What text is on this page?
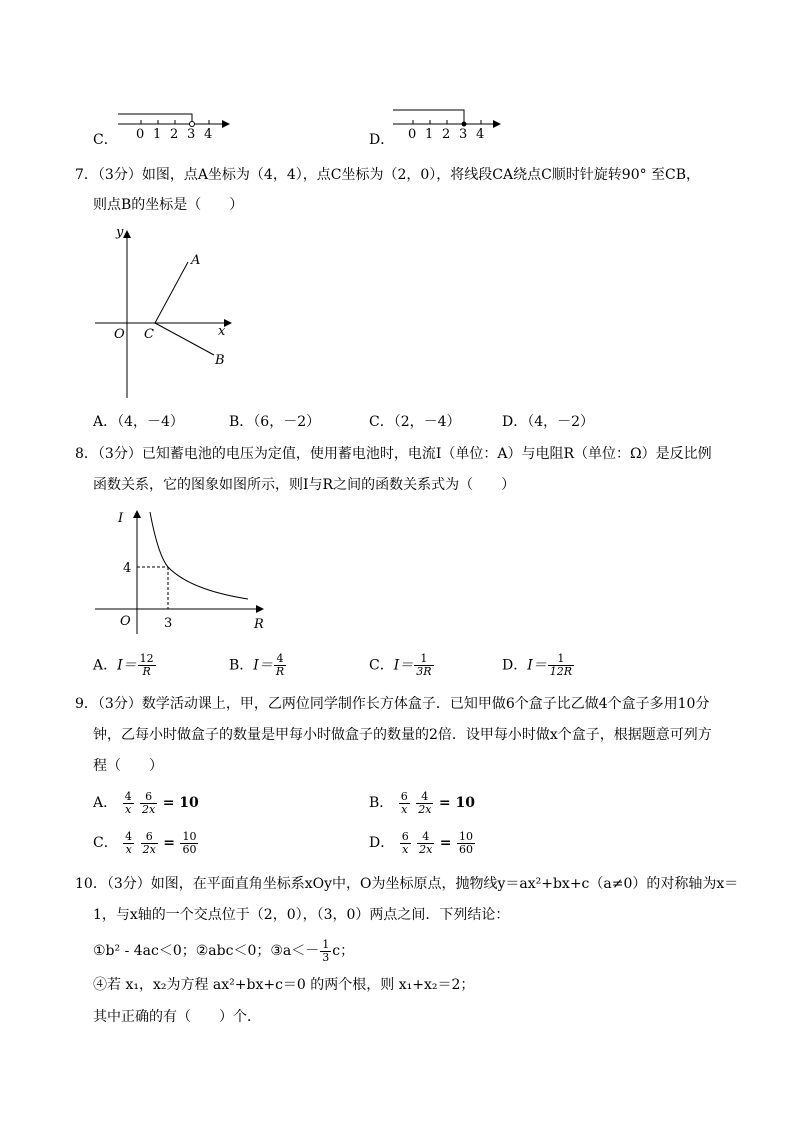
C． 0 1 2 3 4	0 1 2 3 4
D．
7．（3分）如图，点A坐标为（4，4），点C坐标为（2，0），将线段CA绕点C顺时针旋转90° 至CB，
则点B的坐标是（　　）
y
x
O C
A
B
A．（4，－4）	B．（6，－2）	C．（2，－4）	D．（4，－2）
8．（3分）已知蓄电池的电压为定值，使用蓄电池时，电流I（单位：A）与电阻R（单位：Ω）是反比例
函数关系，它的图象如图所示，则I与R之间的函数关系式为（　　）
I
R
O
4
3
A．$I= \frac{12}{R}$	B．$I= \frac{4}{R}$	C．$I= \frac{1}{3R}$	D．$I= \frac{1}{12R}$
9．（3分）数学活动课上，甲，乙两位同学制作长方体盒子．已知甲做6个盒子比乙做4个盒子多用10分
钟，乙每小时做盒子的数量是甲每小时做盒子的数量的2倍．设甲每小时做x个盒子，根据题意可列方
程（　　）
A． $\frac{4}{x}$
$\frac{6}{2x} = 10$	B． $\frac{6}{x}$
$\frac{4}{2x} = 10$
C． $\frac{4}{x}$
$\frac{6}{2x} = \frac{10}{60}$	D． $\frac{6}{x}$
$\frac{4}{2x} = \frac{10}{60}$
10．（3分）如图，在平面直角坐标系xOy中，O为坐标原点，抛物线y＝ax²+bx+c（a≠0）的对称轴为x＝
1，与x轴的一个交点位于（2，0），（3，0）两点之间．下列结论：
①b² - 4ac＜0；②abc＜0；③a＜－ $\frac{1}{3}$ c；
④若 x₁，x₂为方程 ax²+bx+c＝0 的两个根，则 x₁+x₂＝2；
其中正确的有（　　）个．
